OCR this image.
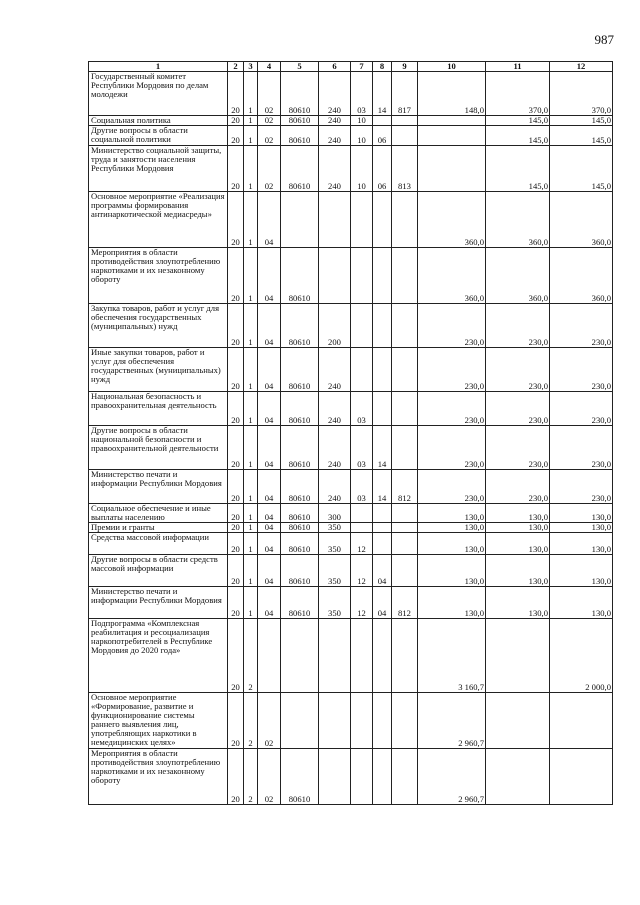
987
1	2	3	4	5	6	7	8	9	10	11	12
Государственный комитет Республики Мордовия по делам молодежи	20	1	02	80610	240	03	14	817	148,0	370,0	370,0
Социальная политика	20	1	02	80610	240	10				145,0	145,0
Другие вопросы в области социальной политики	20	1	02	80610	240	10	06			145,0	145,0
Министерство социальной защиты, труда и занятости населения Республики Мордовия	20	1	02	80610	240	10	06	813		145,0	145,0
Основное мероприятие «Реализация программы формирования антинаркотической медиасреды»	20	1	04						360,0	360,0	360,0
Мероприятия в области противодействия злоупотреблению наркотиками и их незаконному обороту	20	1	04	80610					360,0	360,0	360,0
Закупка товаров, работ и услуг для обеспечения государственных (муниципальных) нужд	20	1	04	80610	200				230,0	230,0	230,0
Иные закупки товаров, работ и услуг для обеспечения государственных (муниципальных) нужд	20	1	04	80610	240				230,0	230,0	230,0
Национальная безопасность и правоохранительная деятельность	20	1	04	80610	240	03			230,0	230,0	230,0
Другие вопросы в области национальной безопасности и правоохранительной деятельности	20	1	04	80610	240	03	14		230,0	230,0	230,0
Министерство печати и информации Республики Мордовия	20	1	04	80610	240	03	14	812	230,0	230,0	230,0
Социальное обеспечение и иные выплаты населению	20	1	04	80610	300				130,0	130,0	130,0
Премии и гранты	20	1	04	80610	350				130,0	130,0	130,0
Средства массовой информации	20	1	04	80610	350	12			130,0	130,0	130,0
Другие вопросы в области средств массовой информации	20	1	04	80610	350	12	04		130,0	130,0	130,0
Министерство печати и информации Республики Мордовия	20	1	04	80610	350	12	04	812	130,0	130,0	130,0
Подпрограмма «Комплексная реабилитация и ресоциализация наркопотребителей в Республике Мордовия до 2020 года»	20	2							3 160,7		2 000,0
Основное мероприятие «Формирование, развитие и функционирование системы раннего выявления лиц, употребляющих наркотики в немедицинских целях»	20	2	02						2 960,7		
Мероприятия в области противодействия злоупотреблению наркотиками и их незаконному обороту	20	2	02	80610					2 960,7		
